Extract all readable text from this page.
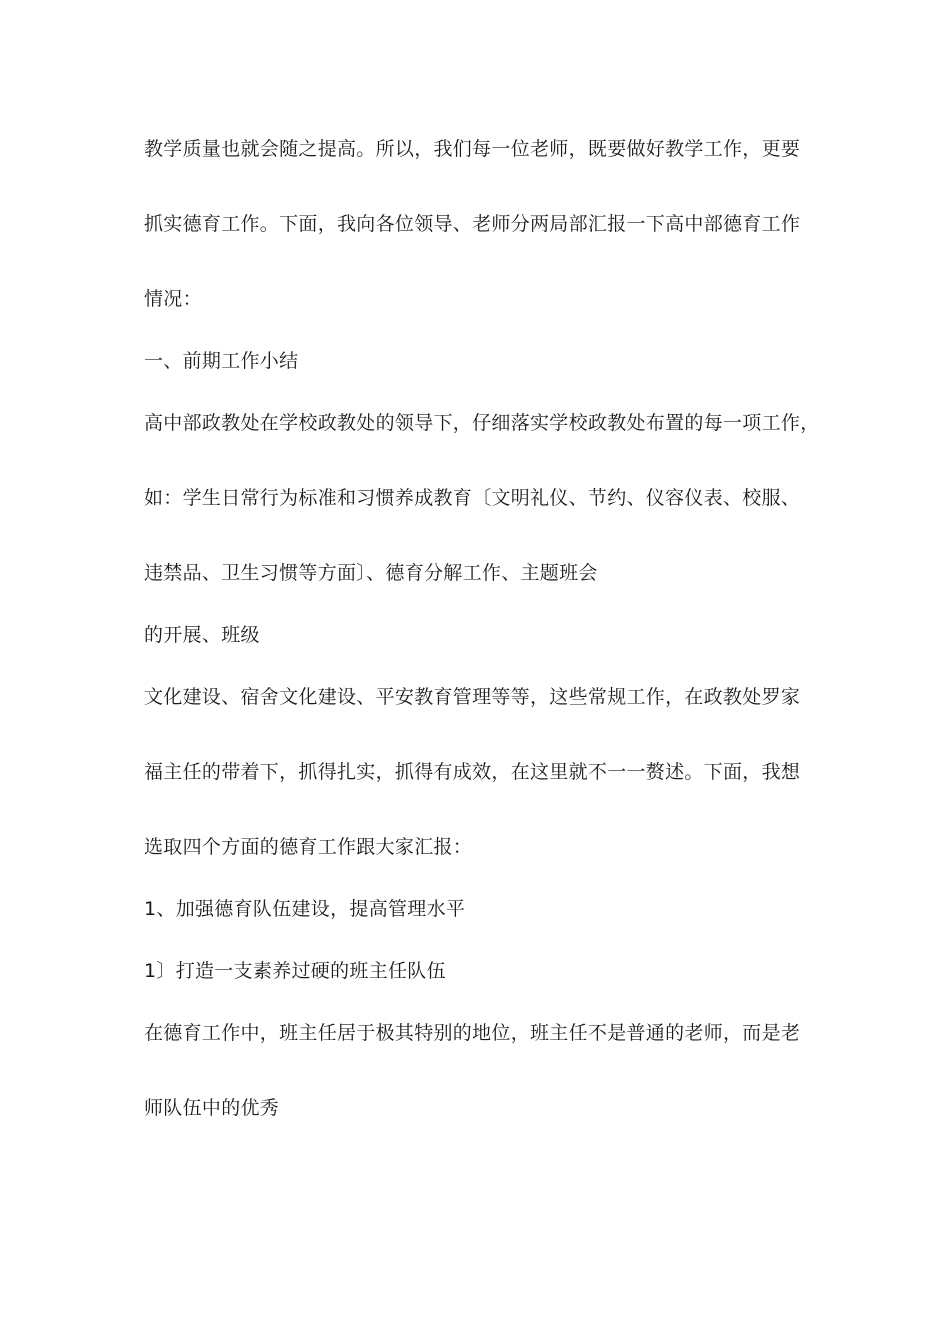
教学质量也就会随之提高。所以，我们每一位老师，既要做好教学工作，更要
抓实德育工作。下面，我向各位领导、老师分两局部汇报一下高中部德育工作
情况：
一、前期工作小结
高中部政教处在学校政教处的领导下，仔细落实学校政教处布置的每一项工作，
如：学生日常行为标准和习惯养成教育〔文明礼仪、节约、仪容仪表、校服、
违禁品、卫生习惯等方面〕、德育分解工作、主题班会
的开展、班级
文化建设、宿舍文化建设、平安教育管理等等，这些常规工作，在政教处罗家
福主任的带着下，抓得扎实，抓得有成效，在这里就不一一赘述。下面，我想
选取四个方面的德育工作跟大家汇报：
1、加强德育队伍建设，提高管理水平
1〕打造一支素养过硬的班主任队伍
在德育工作中，班主任居于极其特别的地位，班主任不是普通的老师，而是老
师队伍中的优秀
